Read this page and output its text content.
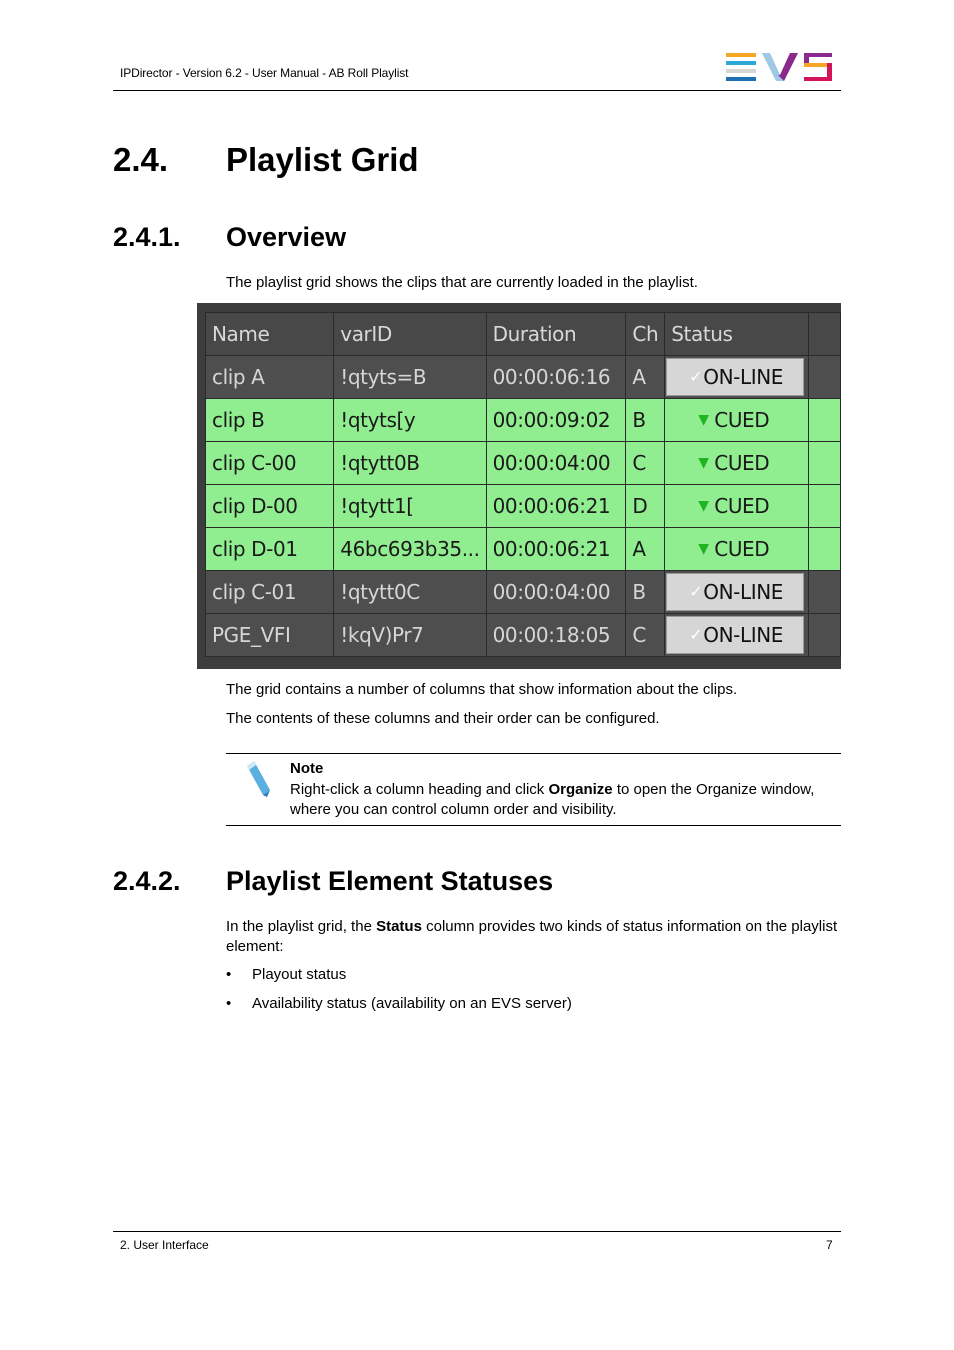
IPDirector - Version 6.2 - User Manual - AB Roll Playlist
2.4. Playlist Grid
2.4.1. Overview
The playlist grid shows the clips that are currently loaded in the playlist.
Name	varID	Duration	Ch	Status	
clip A	!qtyts=B	00:00:06:16	A	✓ ON-LINE	
clip B	!qtyts[y	00:00:09:02	B	▼ CUED	
clip C-00	!qtytt0B	00:00:04:00	C	▼ CUED	
clip D-00	!qtytt1[	00:00:06:21	D	▼ CUED	
clip D-01	46bc693b35...	00:00:06:21	A	▼ CUED	
clip C-01	!qtytt0C	00:00:04:00	B	✓ ON-LINE	
PGE_VFI	!kqV)Pr7	00:00:18:05	C	✓ ON-LINE	
The grid contains a number of columns that show information about the clips.
The contents of these columns and their order can be configured.
Note
Right-click a column heading and click Organize to open the Organize window, where you can control column order and visibility.
2.4.2. Playlist Element Statuses
In the playlist grid, the Status column provides two kinds of status information on the playlist element:
• Playout status
• Availability status (availability on an EVS server)
2. User Interface	7
